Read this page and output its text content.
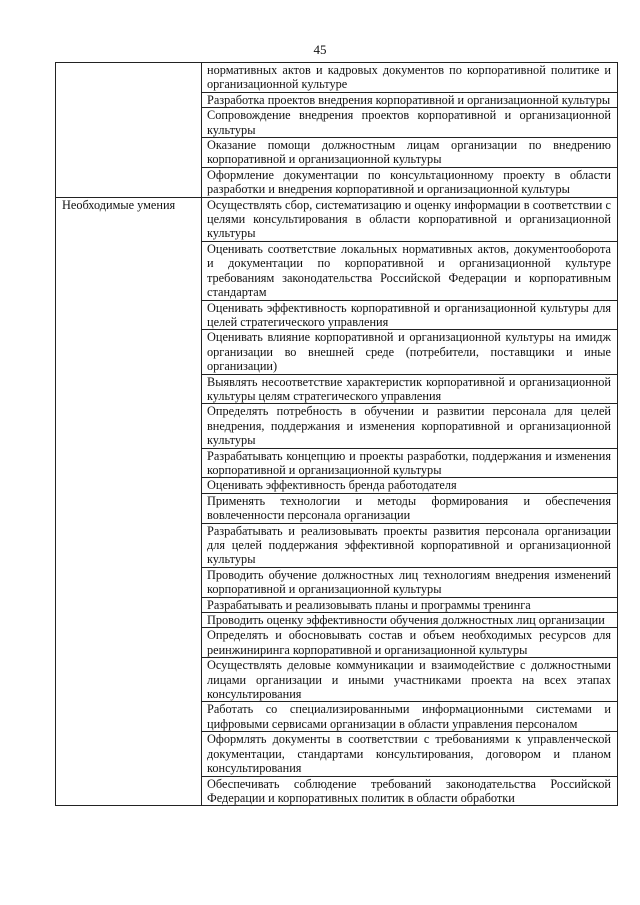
45

	нормативных актов и кадровых документов по корпоративной политике и организационной культуре

	Разработка проектов внедрения корпоративной и организационной культуры

	Сопровождение внедрения проектов корпоративной и организационной культуры

	Оказание помощи должностным лицам организации по внедрению корпоративной и организационной культуры

	Оформление документации по консультационному проекту в области разработки и внедрения корпоративной и организационной культуры

Необходимые умения	Осуществлять сбор, систематизацию и оценку информации в соответствии с целями консультирования в области корпоративной и организационной культуры

	Оценивать соответствие локальных нормативных актов, документооборота и документации по корпоративной и организационной культуре требованиям законодательства Российской Федерации и корпоративным стандартам

	Оценивать эффективность корпоративной и организационной культуры для целей стратегического управления

	Оценивать влияние корпоративной и организационной культуры на имидж организации во внешней среде (потребители, поставщики и иные организации)

	Выявлять несоответствие характеристик корпоративной и организационной культуры целям стратегического управления

	Определять потребность в обучении и развитии персонала для целей внедрения, поддержания и изменения корпоративной и организационной культуры

	Разрабатывать концепцию и проекты разработки, поддержания и изменения корпоративной и организационной культуры

	Оценивать эффективность бренда работодателя

	Применять технологии и методы формирования и обеспечения вовлеченности персонала организации

	Разрабатывать и реализовывать проекты развития персонала организации для целей поддержания эффективной корпоративной и организационной культуры

	Проводить обучение должностных лиц технологиям внедрения изменений корпоративной и организационной культуры

	Разрабатывать и реализовывать планы и программы тренинга

	Проводить оценку эффективности обучения должностных лиц организации

	Определять и обосновывать состав и объем необходимых ресурсов для реинжиниринга корпоративной и организационной культуры

	Осуществлять деловые коммуникации и взаимодействие с должностными лицами организации и иными участниками проекта на всех этапах консультирования

	Работать со специализированными информационными системами и цифровыми сервисами организации в области управления персоналом

	Оформлять документы в соответствии с требованиями к управленческой документации, стандартами консультирования, договором и планом консультирования

	Обеспечивать соблюдение требований законодательства Российской Федерации и корпоративных политик в области обработки
